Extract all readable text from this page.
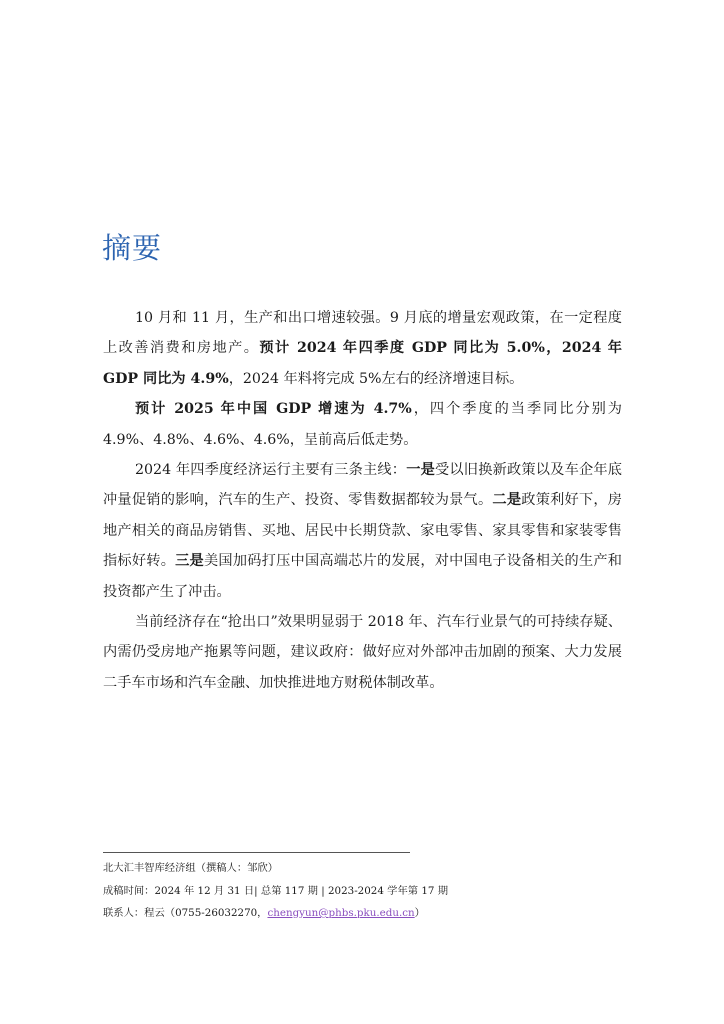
摘要

10 月和 11 月，生产和出口增速较强。9 月底的增量宏观政策，在一定程度上改善消费和房地产。预计 2024 年四季度 GDP 同比为 5.0%，2024 年 GDP 同比为 4.9%，2024 年料将完成 5%左右的经济增速目标。

预计 2025 年中国 GDP 增速为 4.7%，四个季度的当季同比分别为 4.9%、4.8%、4.6%、4.6%，呈前高后低走势。

2024 年四季度经济运行主要有三条主线：一是受以旧换新政策以及车企年底冲量促销的影响，汽车的生产、投资、零售数据都较为景气。二是政策利好下，房地产相关的商品房销售、买地、居民中长期贷款、家电零售、家具零售和家装零售指标好转。三是美国加码打压中国高端芯片的发展，对中国电子设备相关的生产和投资都产生了冲击。

当前经济存在“抢出口”效果明显弱于 2018 年、汽车行业景气的可持续存疑、内需仍受房地产拖累等问题，建议政府：做好应对外部冲击加剧的预案、大力发展二手车市场和汽车金融、加快推进地方财税体制改革。

北大汇丰智库经济组（撰稿人：邹欣）
成稿时间：2024 年 12 月 31 日| 总第 117 期 | 2023-2024 学年第 17 期
联系人：程云（0755-26032270，chengyun@phbs.pku.edu.cn）
